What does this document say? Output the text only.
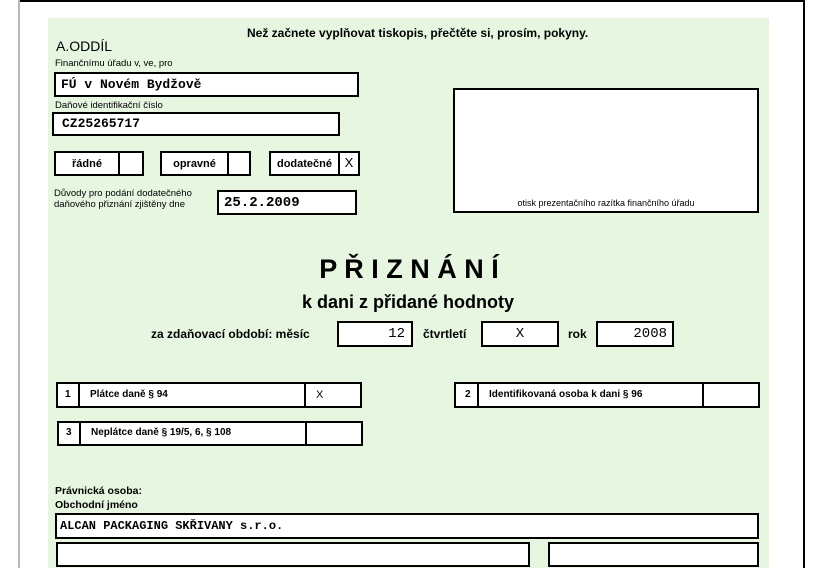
Než začnete vyplňovat tiskopis, přečtěte si, prosím, pokyny.
A.ODDÍL
Finančnímu úřadu v, ve, pro
FÚ v Novém Bydžově
Daňové identifikační číslo
CZ25265717
řádné	opravné	dodatečné X
Důvody pro podání dodatečného
daňového přiznání zjištěny dne	25.2.2009	otisk prezentačního razítka finančního úřadu
P Ř I Z N Á N Í
k dani z přidané hodnoty
za zdaňovací období: měsíc	12 čtvrtletí	X	rok	2008
1 Plátce daně § 94	X	2 Identifikovaná osoba k dani § 96
3 Neplátce daně § 19/5, 6, § 108
Právnická osoba:
Obchodní jméno
ALCAN PACKAGING SKŘIVANY s.r.o.
